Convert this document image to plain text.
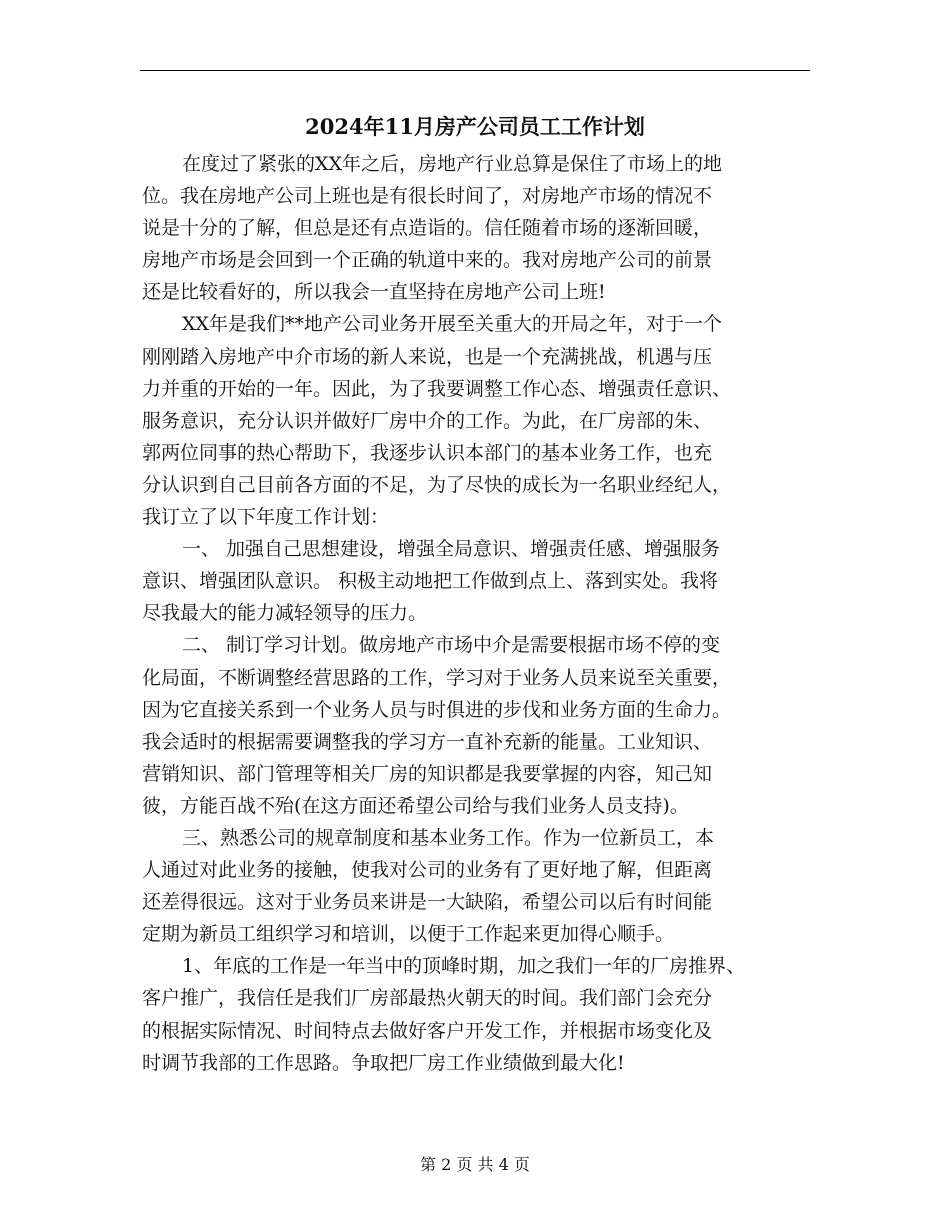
2024年11月房产公司员工工作计划

在度过了紧张的XX年之后，房地产行业总算是保住了市场上的地
位。我在房地产公司上班也是有很长时间了，对房地产市场的情况不
说是十分的了解，但总是还有点造诣的。信任随着市场的逐渐回暖，
房地产市场是会回到一个正确的轨道中来的。我对房地产公司的前景
还是比较看好的，所以我会一直坚持在房地产公司上班!

XX年是我们**地产公司业务开展至关重大的开局之年，对于一个
刚刚踏入房地产中介市场的新人来说，也是一个充满挑战，机遇与压
力并重的开始的一年。因此，为了我要调整工作心态、增强责任意识、
服务意识，充分认识并做好厂房中介的工作。为此，在厂房部的朱、
郭两位同事的热心帮助下，我逐步认识本部门的基本业务工作，也充
分认识到自己目前各方面的不足，为了尽快的成长为一名职业经纪人，
我订立了以下年度工作计划：

一、 加强自己思想建设，增强全局意识、增强责任感、增强服务
意识、增强团队意识。 积极主动地把工作做到点上、落到实处。我将
尽我最大的能力减轻领导的压力。

二、 制订学习计划。做房地产市场中介是需要根据市场不停的变
化局面，不断调整经营思路的工作，学习对于业务人员来说至关重要，
因为它直接关系到一个业务人员与时俱进的步伐和业务方面的生命力。
我会适时的根据需要调整我的学习方一直补充新的能量。工业知识、
营销知识、部门管理等相关厂房的知识都是我要掌握的内容，知己知
彼，方能百战不殆(在这方面还希望公司给与我们业务人员支持)。

三、熟悉公司的规章制度和基本业务工作。作为一位新员工，本
人通过对此业务的接触，使我对公司的业务有了更好地了解，但距离
还差得很远。这对于业务员来讲是一大缺陷，希望公司以后有时间能
定期为新员工组织学习和培训，以便于工作起来更加得心顺手。

1、年底的工作是一年当中的顶峰时期，加之我们一年的厂房推界、
客户推广，我信任是我们厂房部最热火朝天的时间。我们部门会充分
的根据实际情况、时间特点去做好客户开发工作，并根据市场变化及
时调节我部的工作思路。争取把厂房工作业绩做到最大化!

第 2 页 共 4 页
